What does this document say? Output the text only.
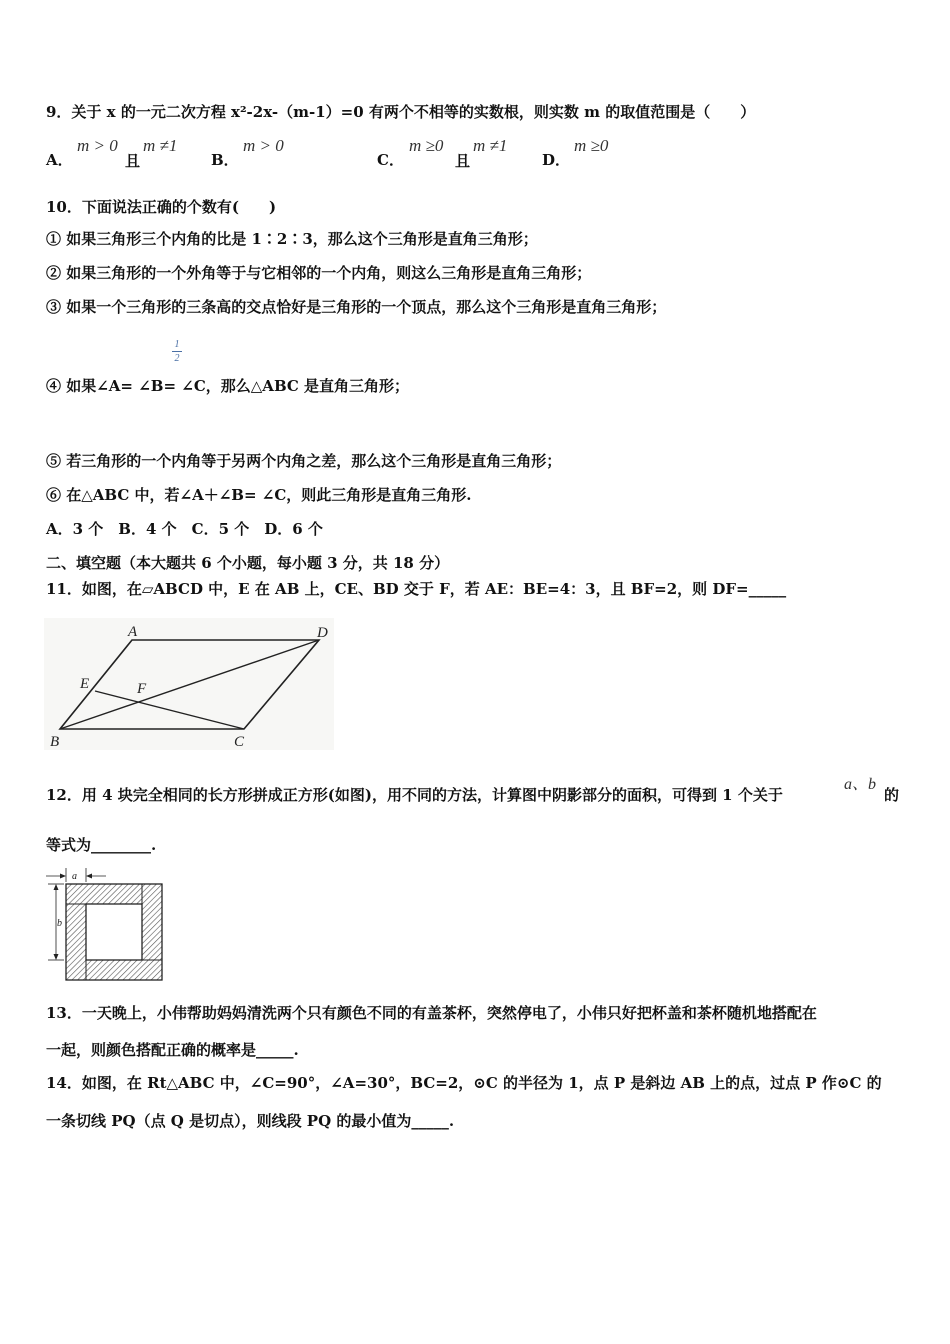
9．关于 x 的一元二次方程 x²-2x-（m-1）=0 有两个不相等的实数根，则实数 m 的取值范围是（　　）
A．
m > 0
且
m ≠1
B．
m > 0
C．
m ≥0
且
m ≠1
D．
m ≥0
10．下面说法正确的个数有(　　)
① 如果三角形三个内角的比是 1∶2∶3，那么这个三角形是直角三角形；
② 如果三角形的一个外角等于与它相邻的一个内角，则这么三角形是直角三角形；
③ 如果一个三角形的三条高的交点恰好是三角形的一个顶点，那么这个三角形是直角三角形；
1
2
④ 如果∠A= ∠B= ∠C，那么△ABC 是直角三角形；
⑤ 若三角形的一个内角等于另两个内角之差，那么这个三角形是直角三角形；
⑥ 在△ABC 中，若∠A＋∠B= ∠C，则此三角形是直角三角形.
A．3 个　B．4 个　C．5 个　D．6 个
二、填空题（本大题共 6 个小题，每小题 3 分，共 18 分）
11．如图，在▱ABCD 中，E 在 AB 上，CE、BD 交于 F，若 AE：BE=4：3，且 BF=2，则 DF=_____
A	D
E	F
B	C
12．用 4 块完全相同的长方形拼成正方形(如图)，用不同的方法，计算图中阴影部分的面积，可得到 1 个关于
a、b
的
等式为________.
a
b
13．一天晚上，小伟帮助妈妈清洗两个只有颜色不同的有盖茶杯，突然停电了，小伟只好把杯盖和茶杯随机地搭配在
一起，则颜色搭配正确的概率是_____.
14．如图，在 Rt△ABC 中，∠C=90°，∠A=30°，BC=2，⊙C 的半径为 1，点 P 是斜边 AB 上的点，过点 P 作⊙C 的
一条切线 PQ（点 Q 是切点），则线段 PQ 的最小值为_____.
